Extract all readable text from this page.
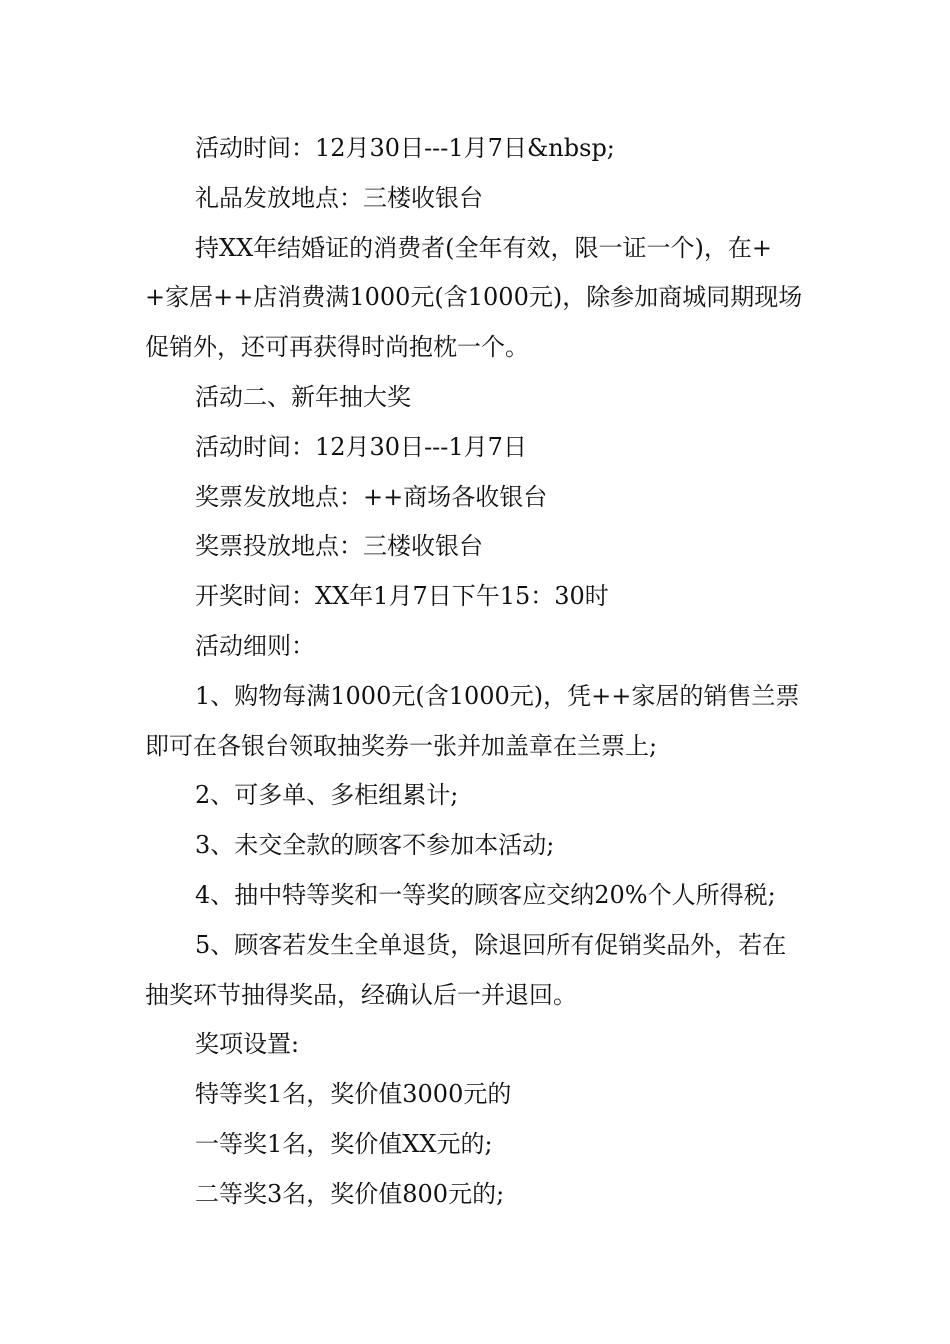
活动时间：12月30日---1月7日&nbsp;

礼品发放地点：三楼收银台

持XX年结婚证的消费者(全年有效，限一证一个)，在++家居++店消费满1000元(含1000元)，除参加商城同期现场促销外，还可再获得时尚抱枕一个。

活动二、新年抽大奖

活动时间：12月30日---1月7日

奖票发放地点：++商场各收银台

奖票投放地点：三楼收银台

开奖时间：XX年1月7日下午15：30时

活动细则：

1、购物每满1000元(含1000元)，凭++家居的销售兰票即可在各银台领取抽奖券一张并加盖章在兰票上;

2、可多单、多柜组累计;

3、未交全款的顾客不参加本活动;

4、抽中特等奖和一等奖的顾客应交纳20%个人所得税;

5、顾客若发生全单退货，除退回所有促销奖品外，若在抽奖环节抽得奖品，经确认后一并退回。

奖项设置:

特等奖1名，奖价值3000元的

一等奖1名，奖价值XX元的;

二等奖3名，奖价值800元的;
